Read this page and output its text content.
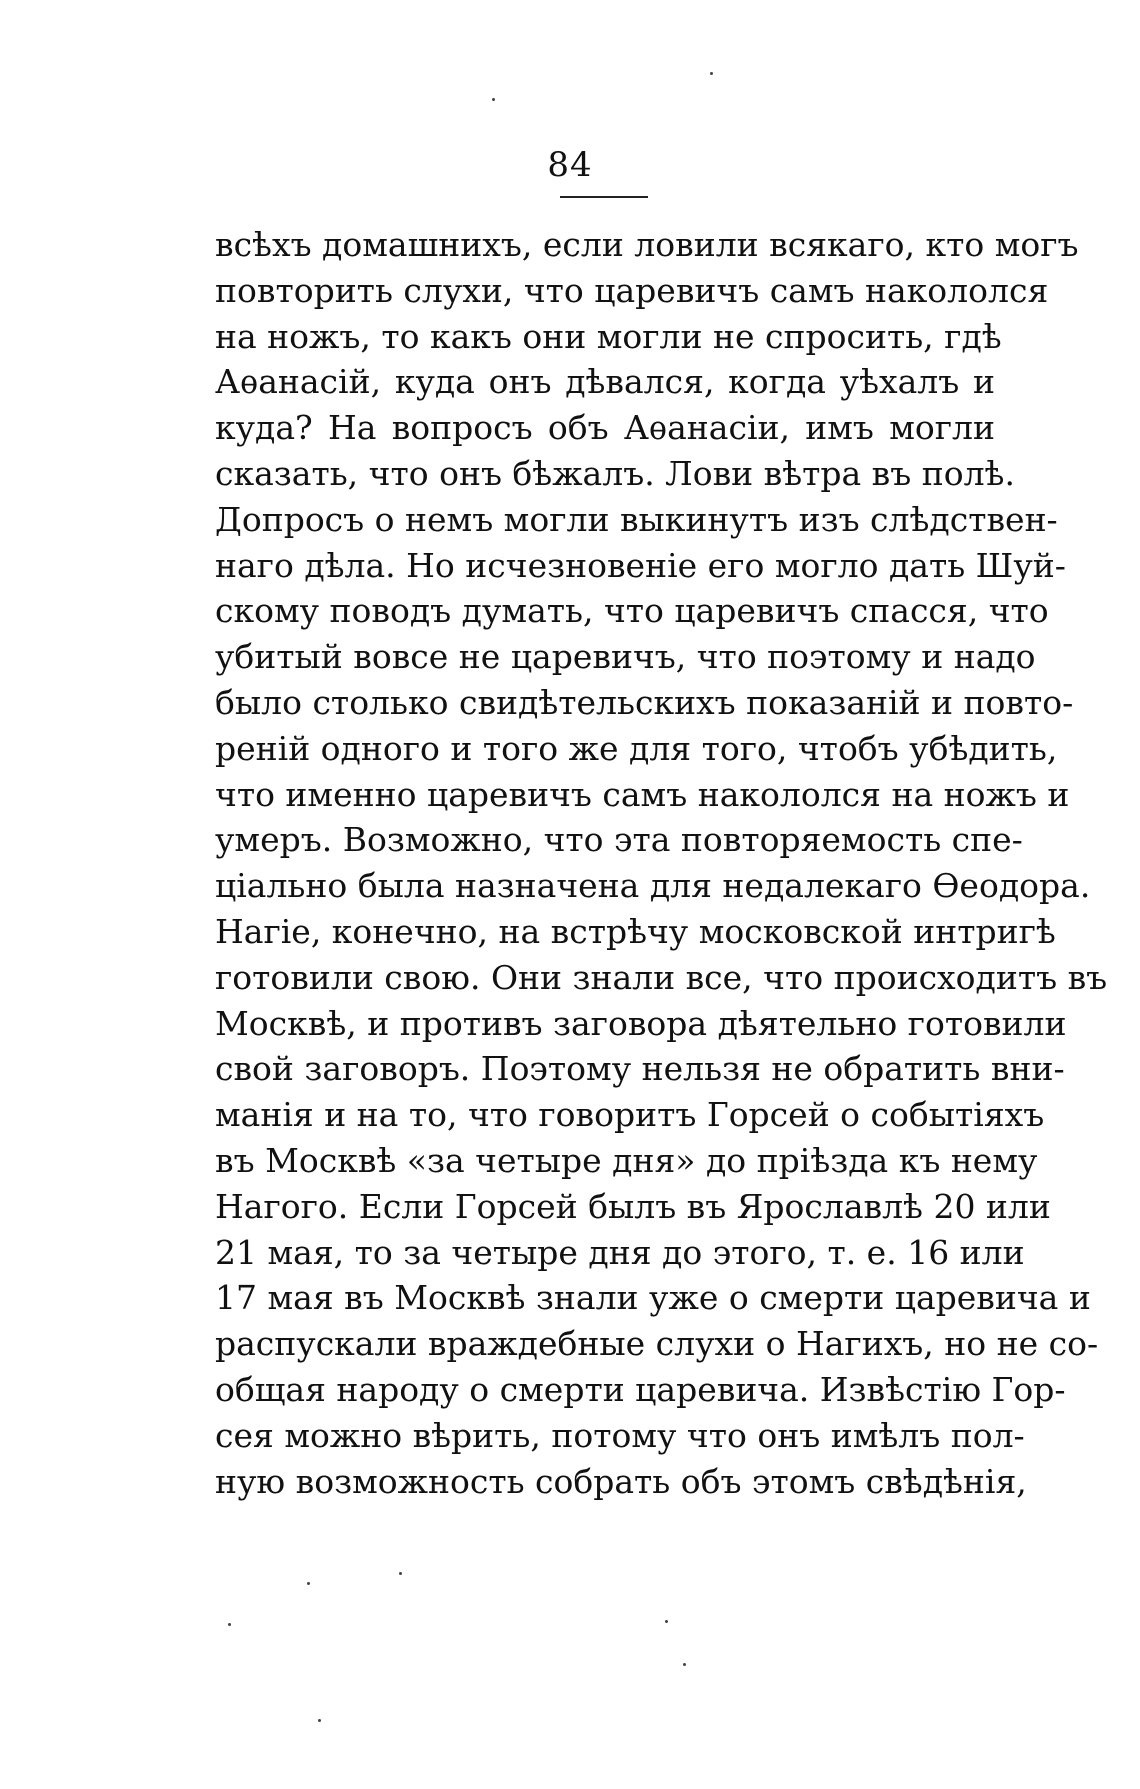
84
всѣхъ домашнихъ, если ловили всякаго, кто могъ
повторить слухи, что царевичъ самъ накололся
на ножъ, то какъ они могли не спросить, гдѣ
Аѳанасій, куда онъ дѣвался, когда уѣхалъ и
куда? На вопросъ объ Аѳанасіи, имъ могли
сказать, что онъ бѣжалъ. Лови вѣтра въ полѣ.
Допросъ о немъ могли выкинутъ изъ слѣдствен-
наго дѣла. Но исчезновеніе его могло дать Шуй-
скому поводъ думать, что царевичъ спасся, что
убитый вовсе не царевичъ, что поэтому и надо
было столько свидѣтельскихъ показаній и повто-
реній одного и того же для того, чтобъ убѣдить,
что именно царевичъ самъ накололся на ножъ и
умеръ. Возможно, что эта повторяемость спе-
ціально была назначена для недалекаго Ѳеодора.
Нагіе, конечно, на встрѣчу московской интригѣ
готовили свою. Они знали все, что происходитъ въ
Москвѣ, и противъ заговора дѣятельно готовили
свой заговоръ. Поэтому нельзя не обратить вни-
манія и на то, что говоритъ Горсей о событіяхъ
въ Москвѣ «за четыре дня» до пріѣзда къ нему
Нагого. Если Горсей былъ въ Ярославлѣ 20 или
21 мая, то за четыре дня до этого, т. е. 16 или
17 мая въ Москвѣ знали уже о смерти царевича и
распускали враждебные слухи о Нагихъ, но не со-
общая народу о смерти царевича. Извѣстію Гор-
сея можно вѣрить, потому что онъ имѣлъ пол-
ную возможность собрать объ этомъ свѣдѣнія,
